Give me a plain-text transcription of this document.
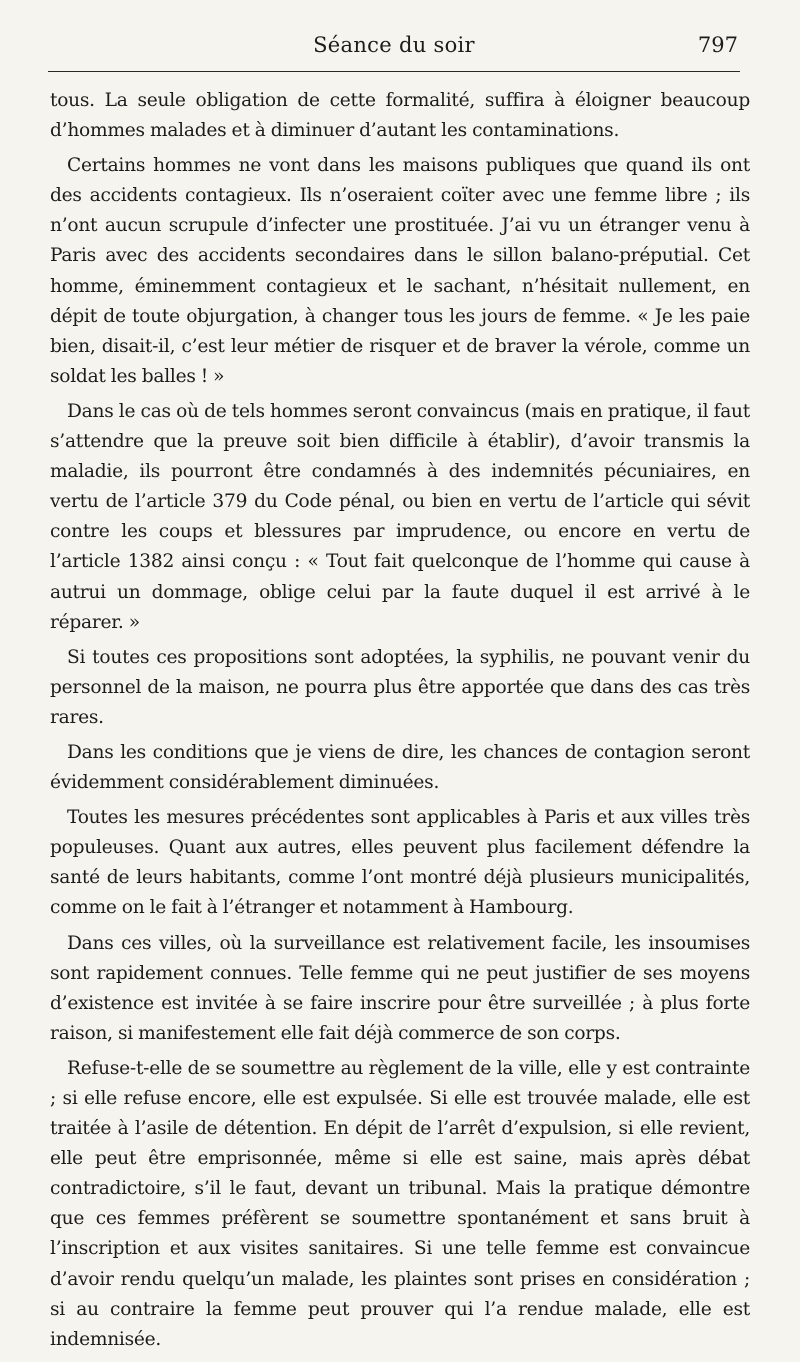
Séance du soir	797

tous. La seule obligation de cette formalité, suffira à éloigner beaucoup d’hommes malades et à diminuer d’autant les contaminations.

Certains hommes ne vont dans les maisons publiques que quand ils ont des accidents contagieux. Ils n’oseraient coïter avec une femme libre ; ils n’ont aucun scrupule d’infecter une prostituée. J’ai vu un étranger venu à Paris avec des accidents secondaires dans le sillon balano-préputial. Cet homme, éminemment contagieux et le sachant, n’hésitait nullement, en dépit de toute objurgation, à changer tous les jours de femme. « Je les paie bien, disait-il, c’est leur métier de risquer et de braver la vérole, comme un soldat les balles ! »

Dans le cas où de tels hommes seront convaincus (mais en pratique, il faut s’attendre que la preuve soit bien difficile à établir), d’avoir transmis la maladie, ils pourront être condamnés à des indemnités pécuniaires, en vertu de l’article 379 du Code pénal, ou bien en vertu de l’article qui sévit contre les coups et blessures par imprudence, ou encore en vertu de l’article 1382 ainsi conçu : « Tout fait quelconque de l’homme qui cause à autrui un dommage, oblige celui par la faute duquel il est arrivé à le réparer. »

Si toutes ces propositions sont adoptées, la syphilis, ne pouvant venir du personnel de la maison, ne pourra plus être apportée que dans des cas très rares.

Dans les conditions que je viens de dire, les chances de contagion seront évidemment considérablement diminuées.

Toutes les mesures précédentes sont applicables à Paris et aux villes très populeuses. Quant aux autres, elles peuvent plus facilement défendre la santé de leurs habitants, comme l’ont montré déjà plusieurs municipalités, comme on le fait à l’étranger et notamment à Hambourg.

Dans ces villes, où la surveillance est relativement facile, les insoumises sont rapidement connues. Telle femme qui ne peut justifier de ses moyens d’existence est invitée à se faire inscrire pour être surveillée ; à plus forte raison, si manifestement elle fait déjà commerce de son corps.

Refuse-t-elle de se soumettre au règlement de la ville, elle y est contrainte ; si elle refuse encore, elle est expulsée. Si elle est trouvée malade, elle est traitée à l’asile de détention. En dépit de l’arrêt d’expulsion, si elle revient, elle peut être emprisonnée, même si elle est saine, mais après débat contradictoire, s’il le faut, devant un tribunal. Mais la pratique démontre que ces femmes préfèrent se soumettre spontanément et sans bruit à l’inscription et aux visites sanitaires. Si une telle femme est convaincue d’avoir rendu quelqu’un malade, les plaintes sont prises en considération ; si au contraire la femme peut prouver qui l’a rendue malade, elle est indemnisée.
